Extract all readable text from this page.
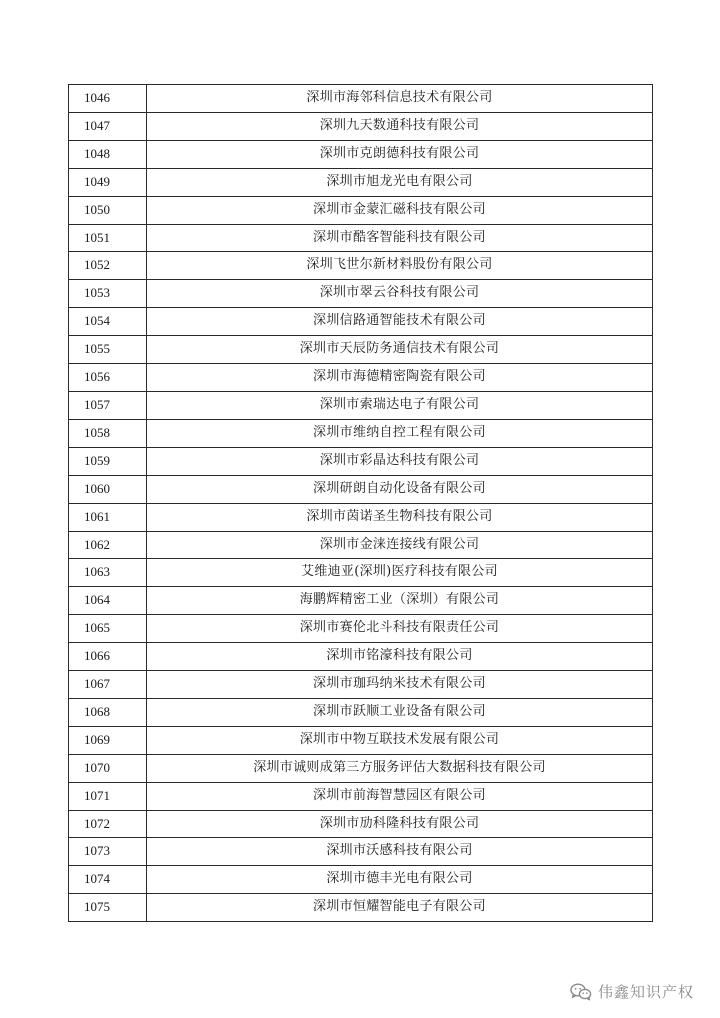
1046	深圳市海邻科信息技术有限公司
1047	深圳九天数通科技有限公司
1048	深圳市克朗德科技有限公司
1049	深圳市旭龙光电有限公司
1050	深圳市金蒙汇磁科技有限公司
1051	深圳市酷客智能科技有限公司
1052	深圳飞世尔新材料股份有限公司
1053	深圳市翠云谷科技有限公司
1054	深圳信路通智能技术有限公司
1055	深圳市天辰防务通信技术有限公司
1056	深圳市海德精密陶瓷有限公司
1057	深圳市索瑞达电子有限公司
1058	深圳市维纳自控工程有限公司
1059	深圳市彩晶达科技有限公司
1060	深圳研朗自动化设备有限公司
1061	深圳市茵诺圣生物科技有限公司
1062	深圳市金涞连接线有限公司
1063	艾维迪亚(深圳)医疗科技有限公司
1064	海鹏辉精密工业（深圳）有限公司
1065	深圳市赛伦北斗科技有限责任公司
1066	深圳市铭濠科技有限公司
1067	深圳市珈玛纳米技术有限公司
1068	深圳市跃顺工业设备有限公司
1069	深圳市中物互联技术发展有限公司
1070	深圳市诚则成第三方服务评估大数据科技有限公司
1071	深圳市前海智慧园区有限公司
1072	深圳市劢科隆科技有限公司
1073	深圳市沃感科技有限公司
1074	深圳市德丰光电有限公司
1075	深圳市恒耀智能电子有限公司
伟鑫知识产权
